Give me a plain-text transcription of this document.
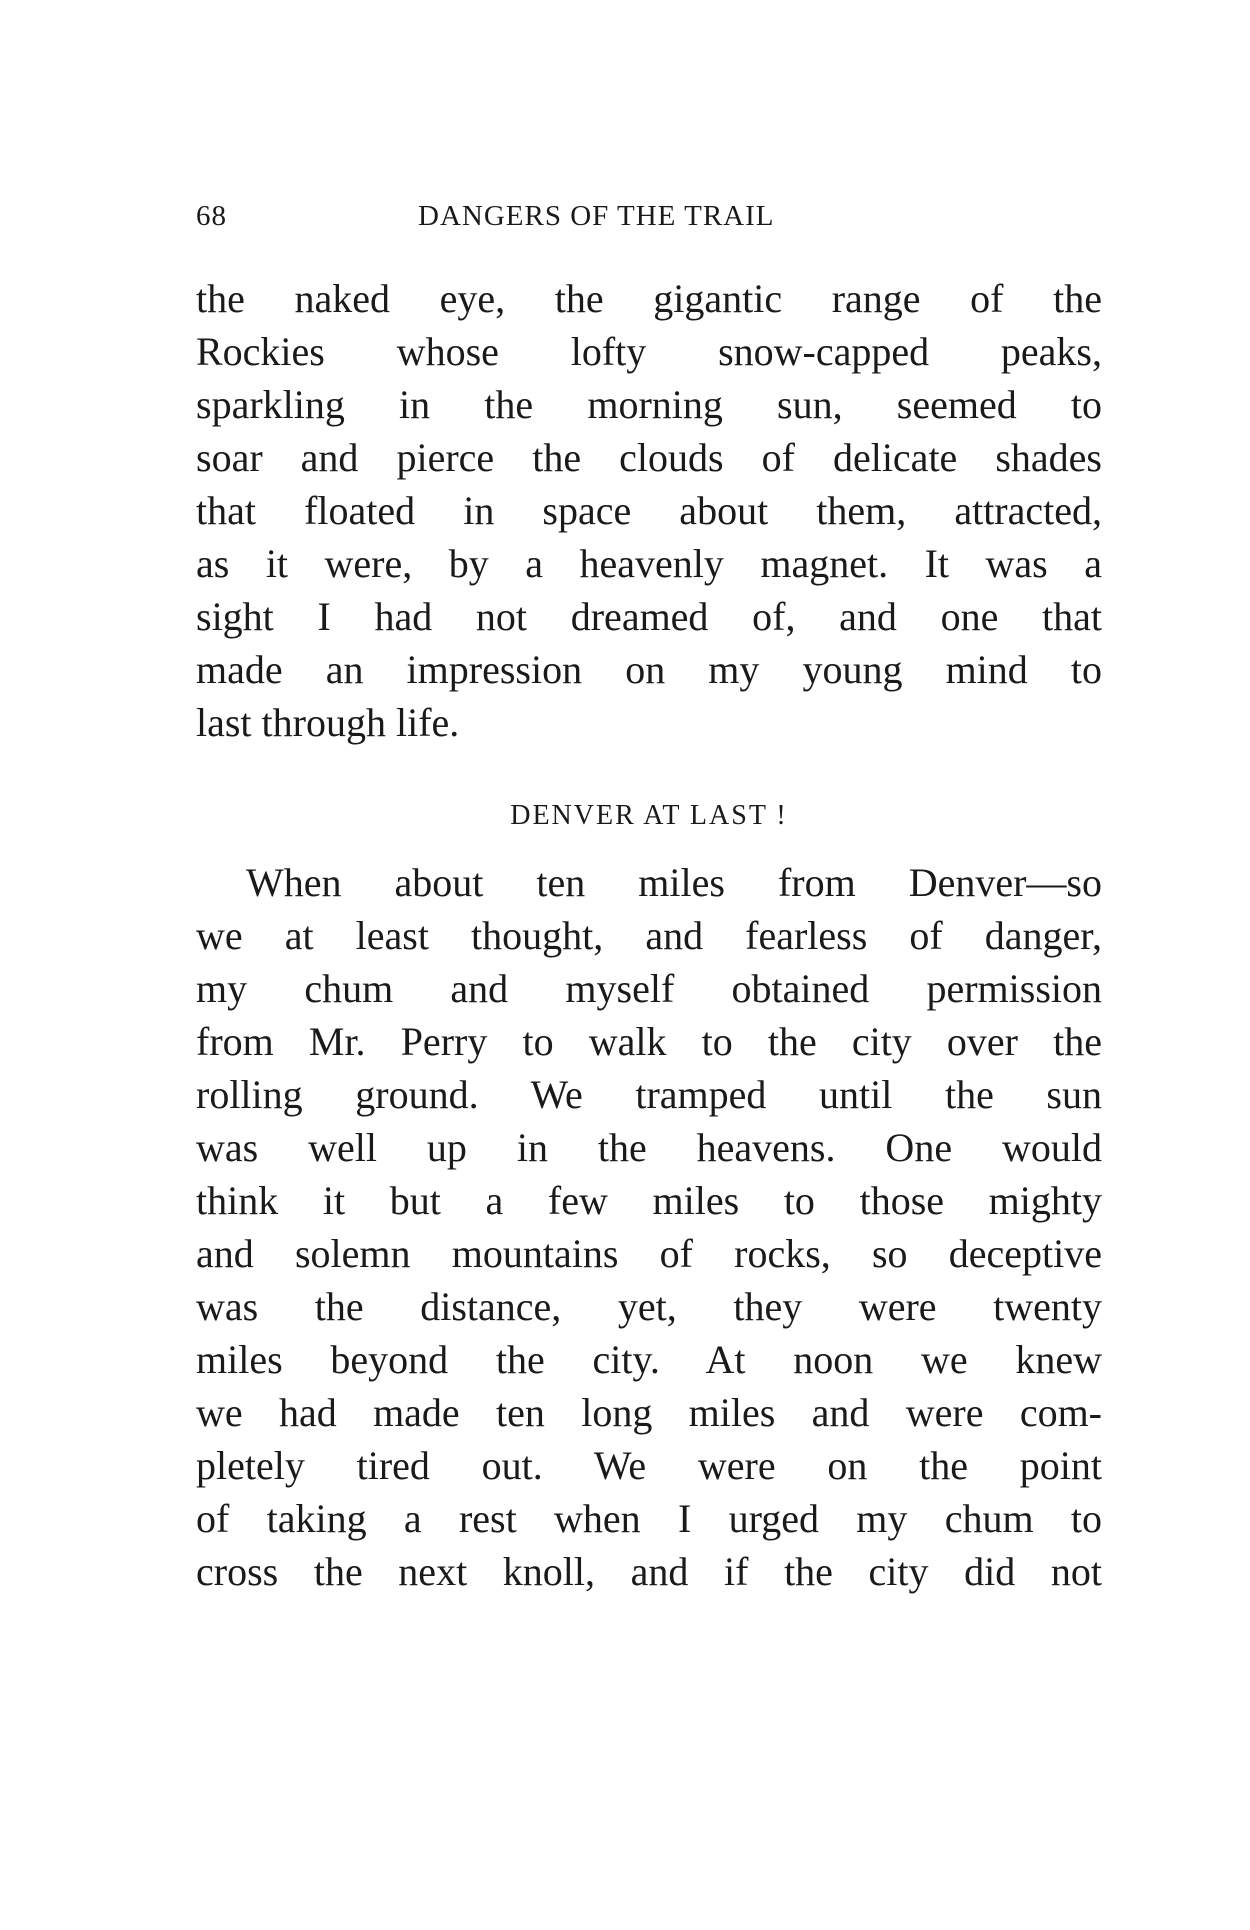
68	DANGERS OF THE TRAIL
the naked eye, the gigantic range of the
Rockies whose lofty snow-capped peaks,
sparkling in the morning sun, seemed to
soar and pierce the clouds of delicate shades
that floated in space about them, attracted,
as it were, by a heavenly magnet. It was a
sight I had not dreamed of, and one that
made an impression on my young mind to
last through life.
DENVER AT LAST !
When about ten miles from Denver—so
we at least thought, and fearless of danger,
my chum and myself obtained permission
from Mr. Perry to walk to the city over the
rolling ground. We tramped until the sun
was well up in the heavens. One would
think it but a few miles to those mighty
and solemn mountains of rocks, so deceptive
was the distance, yet, they were twenty
miles beyond the city. At noon we knew
we had made ten long miles and were com-
pletely tired out. We were on the point
of taking a rest when I urged my chum to
cross the next knoll, and if the city did not
